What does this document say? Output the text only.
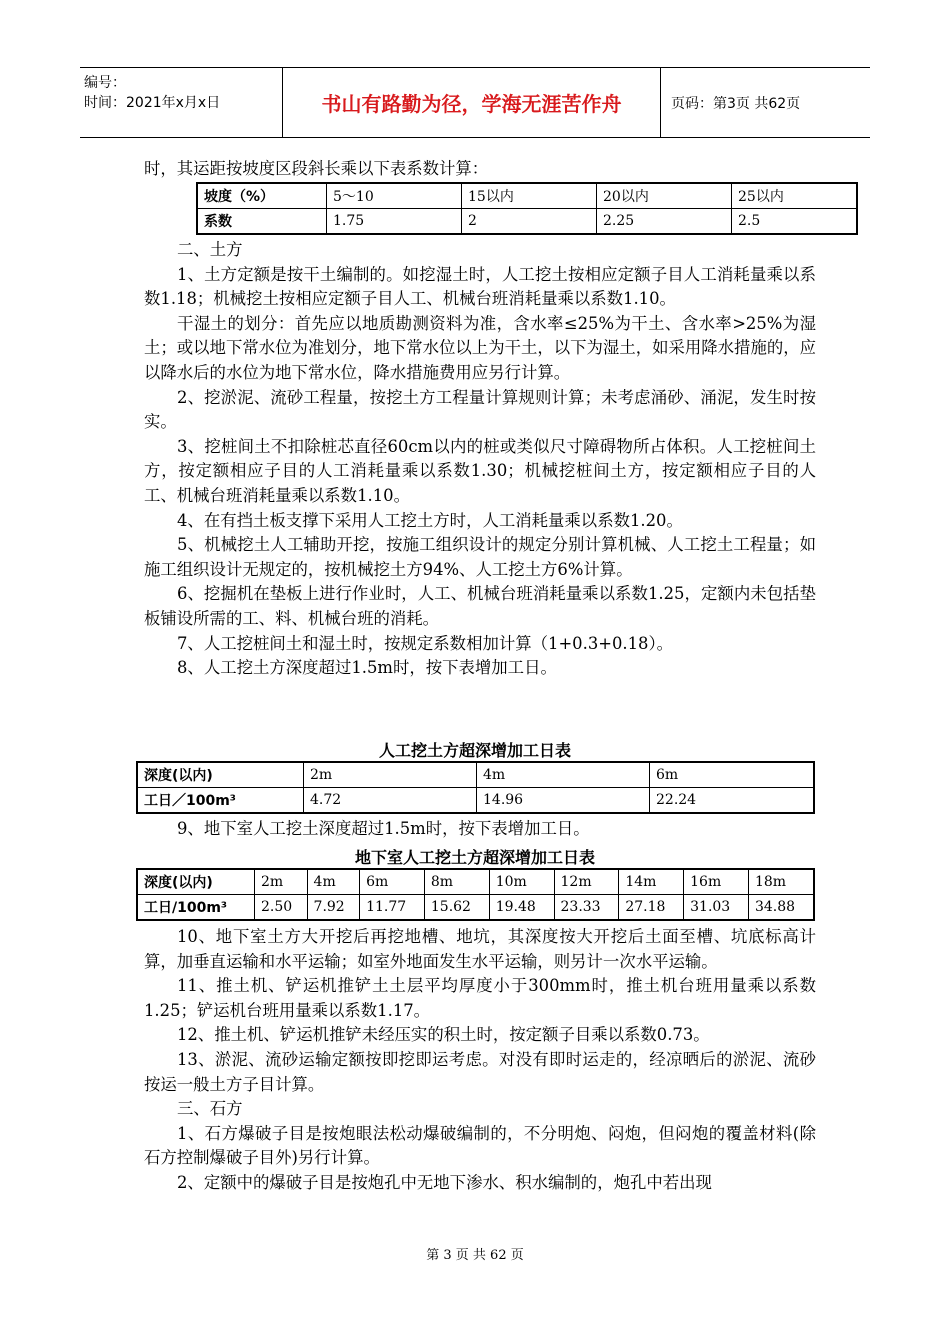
编号：
时间：2021年x月x日	书山有路勤为径，学海无涯苦作舟	页码：第3页 共62页

时，其运距按坡度区段斜长乘以下表系数计算：

坡度（%）	5～10	15以内	20以内	25以内
系数	1.75	2	2.25	2.5

二、土方

1、土方定额是按干土编制的。如挖湿土时，人工挖土按相应定额子目人工消耗量乘以系数1.18；机械挖土按相应定额子目人工、机械台班消耗量乘以系数1.10。

干湿土的划分：首先应以地质勘测资料为准，含水率≤25%为干土、含水率>25%为湿土；或以地下常水位为准划分，地下常水位以上为干土，以下为湿土，如采用降水措施的，应以降水后的水位为地下常水位，降水措施费用应另行计算。

2、挖淤泥、流砂工程量，按挖土方工程量计算规则计算；未考虑涌砂、涌泥，发生时按实。

3、挖桩间土不扣除桩芯直径60cm以内的桩或类似尺寸障碍物所占体积。人工挖桩间土方，按定额相应子目的人工消耗量乘以系数1.30；机械挖桩间土方，按定额相应子目的人工、机械台班消耗量乘以系数1.10。

4、在有挡土板支撑下采用人工挖土方时，人工消耗量乘以系数1.20。

5、机械挖土人工辅助开挖，按施工组织设计的规定分别计算机械、人工挖土工程量；如施工组织设计无规定的，按机械挖土方94%、人工挖土方6%计算。

6、挖掘机在垫板上进行作业时，人工、机械台班消耗量乘以系数1.25，定额内未包括垫板铺设所需的工、料、机械台班的消耗。

7、人工挖桩间土和湿土时，按规定系数相加计算（1+0.3+0.18）。

8、人工挖土方深度超过1.5m时，按下表增加工日。

人工挖土方超深增加工日表
深度(以内)	2m	4m	6m
工日／100m³	4.72	14.96	22.24

9、地下室人工挖土深度超过1.5m时，按下表增加工日。

地下室人工挖土方超深增加工日表
深度(以内)	2m	4m	6m	8m	10m	12m	14m	16m	18m
工日/100m³	2.50	7.92	11.77	15.62	19.48	23.33	27.18	31.03	34.88

10、地下室土方大开挖后再挖地槽、地坑，其深度按大开挖后土面至槽、坑底标高计算，加垂直运输和水平运输；如室外地面发生水平运输，则另计一次水平运输。

11、推土机、铲运机推铲土土层平均厚度小于300mm时，推土机台班用量乘以系数1.25；铲运机台班用量乘以系数1.17。

12、推土机、铲运机推铲未经压实的积土时，按定额子目乘以系数0.73。

13、淤泥、流砂运输定额按即挖即运考虑。对没有即时运走的，经凉晒后的淤泥、流砂按运一般土方子目计算。

三、石方

1、石方爆破子目是按炮眼法松动爆破编制的，不分明炮、闷炮，但闷炮的覆盖材料(除石方控制爆破子目外)另行计算。

2、定额中的爆破子目是按炮孔中无地下渗水、积水编制的，炮孔中若出现

第 3 页 共 62 页
